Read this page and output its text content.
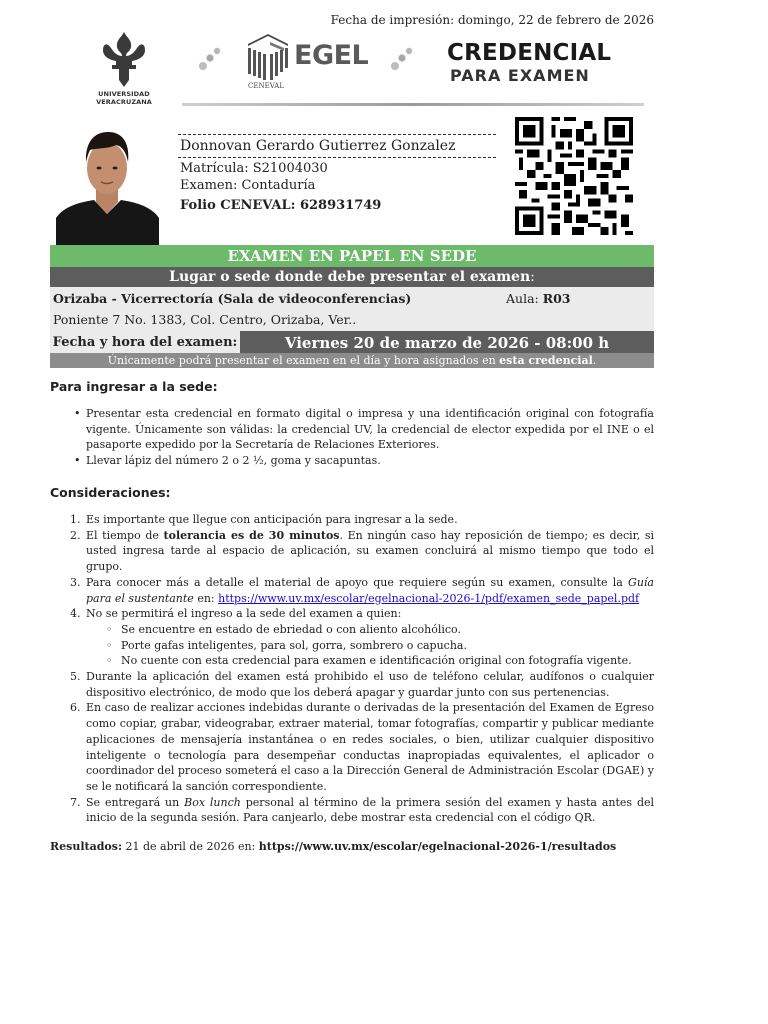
Fecha de impresión: domingo, 22 de febrero de 2026
UNIVERSIDAD VERACRUZANA
EGEL
CENEVAL
CREDENCIAL
PARA EXAMEN
Donnovan Gerardo Gutierrez Gonzalez
Matrícula: S21004030
Examen: Contaduría
Folio CENEVAL: 628931749
EXAMEN EN PAPEL EN SEDE
Lugar o sede donde debe presentar el examen:
Orizaba - Vicerrectoría (Sala de videoconferencias)	Aula: R03
Poniente 7 No. 1383, Col. Centro, Orizaba, Ver..
Fecha y hora del examen:	Viernes 20 de marzo de 2026 - 08:00 h
Únicamente podrá presentar el examen en el día y hora asignados en esta credencial.
Para ingresar a la sede:
• Presentar esta credencial en formato digital o impresa y una identificación original con fotografía vigente. Únicamente son válidas: la credencial UV, la credencial de elector expedida por el INE o el pasaporte expedido por la Secretaría de Relaciones Exteriores.
• Llevar lápiz del número 2 o 2 ½, goma y sacapuntas.
Consideraciones:
1. Es importante que llegue con anticipación para ingresar a la sede.
2. El tiempo de tolerancia es de 30 minutos. En ningún caso hay reposición de tiempo; es decir, si usted ingresa tarde al espacio de aplicación, su examen concluirá al mismo tiempo que todo el grupo.
3. Para conocer más a detalle el material de apoyo que requiere según su examen, consulte la Guía para el sustentante en: https://www.uv.mx/escolar/egelnacional-2026-1/pdf/examen_sede_papel.pdf
4. No se permitirá el ingreso a la sede del examen a quien:
◦ Se encuentre en estado de ebriedad o con aliento alcohólico.
◦ Porte gafas inteligentes, para sol, gorra, sombrero o capucha.
◦ No cuente con esta credencial para examen e identificación original con fotografía vigente.
5. Durante la aplicación del examen está prohibido el uso de teléfono celular, audífonos o cualquier dispositivo electrónico, de modo que los deberá apagar y guardar junto con sus pertenencias.
6. En caso de realizar acciones indebidas durante o derivadas de la presentación del Examen de Egreso como copiar, grabar, videograbar, extraer material, tomar fotografías, compartir y publicar mediante aplicaciones de mensajería instantánea o en redes sociales, o bien, utilizar cualquier dispositivo inteligente o tecnología para desempeñar conductas inapropiadas equivalentes, el aplicador o coordinador del proceso someterá el caso a la Dirección General de Administración Escolar (DGAE) y se le notificará la sanción correspondiente.
7. Se entregará un Box lunch personal al término de la primera sesión del examen y hasta antes del inicio de la segunda sesión. Para canjearlo, debe mostrar esta credencial con el código QR.
Resultados: 21 de abril de 2026 en: https://www.uv.mx/escolar/egelnacional-2026-1/resultados
